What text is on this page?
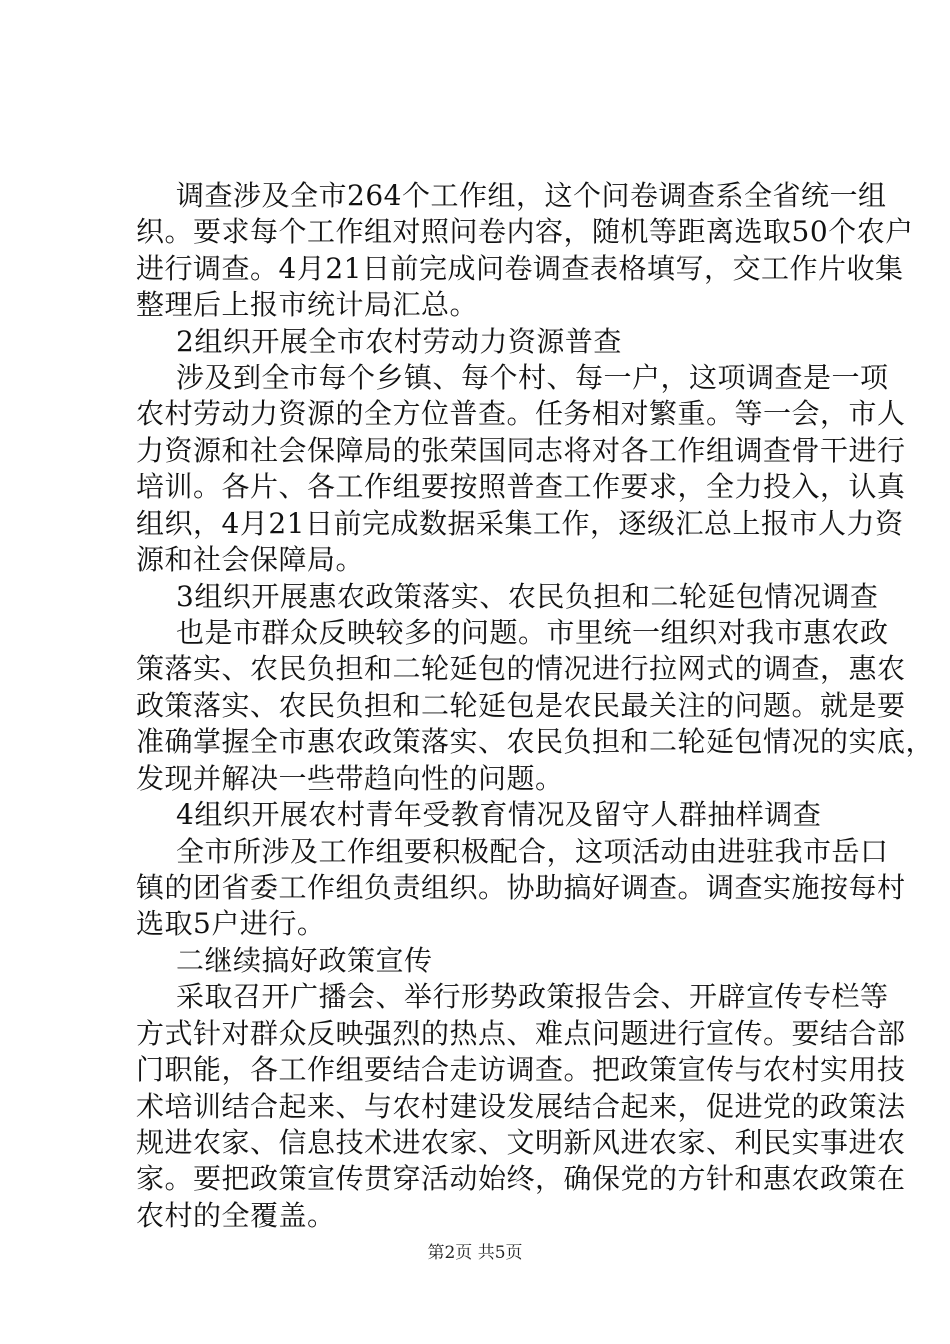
调查涉及全市264个工作组，这个问卷调查系全省统一组
织。要求每个工作组对照问卷内容，随机等距离选取50个农户
进行调查。4月21日前完成问卷调查表格填写，交工作片收集
整理后上报市统计局汇总。
2组织开展全市农村劳动力资源普查
涉及到全市每个乡镇、每个村、每一户，这项调查是一项
农村劳动力资源的全方位普查。任务相对繁重。等一会，市人
力资源和社会保障局的张荣国同志将对各工作组调查骨干进行
培训。各片、各工作组要按照普查工作要求，全力投入，认真
组织，4月21日前完成数据采集工作，逐级汇总上报市人力资
源和社会保障局。
3组织开展惠农政策落实、农民负担和二轮延包情况调查
也是市群众反映较多的问题。市里统一组织对我市惠农政
策落实、农民负担和二轮延包的情况进行拉网式的调查，惠农
政策落实、农民负担和二轮延包是农民最关注的问题。就是要
准确掌握全市惠农政策落实、农民负担和二轮延包情况的实底，
发现并解决一些带趋向性的问题。
4组织开展农村青年受教育情况及留守人群抽样调查
全市所涉及工作组要积极配合，这项活动由进驻我市岳口
镇的团省委工作组负责组织。协助搞好调查。调查实施按每村
选取5户进行。
二继续搞好政策宣传
采取召开广播会、举行形势政策报告会、开辟宣传专栏等
方式针对群众反映强烈的热点、难点问题进行宣传。要结合部
门职能，各工作组要结合走访调查。把政策宣传与农村实用技
术培训结合起来、与农村建设发展结合起来，促进党的政策法
规进农家、信息技术进农家、文明新风进农家、利民实事进农
家。要把政策宣传贯穿活动始终，确保党的方针和惠农政策在
农村的全覆盖。
第2页 共5页
